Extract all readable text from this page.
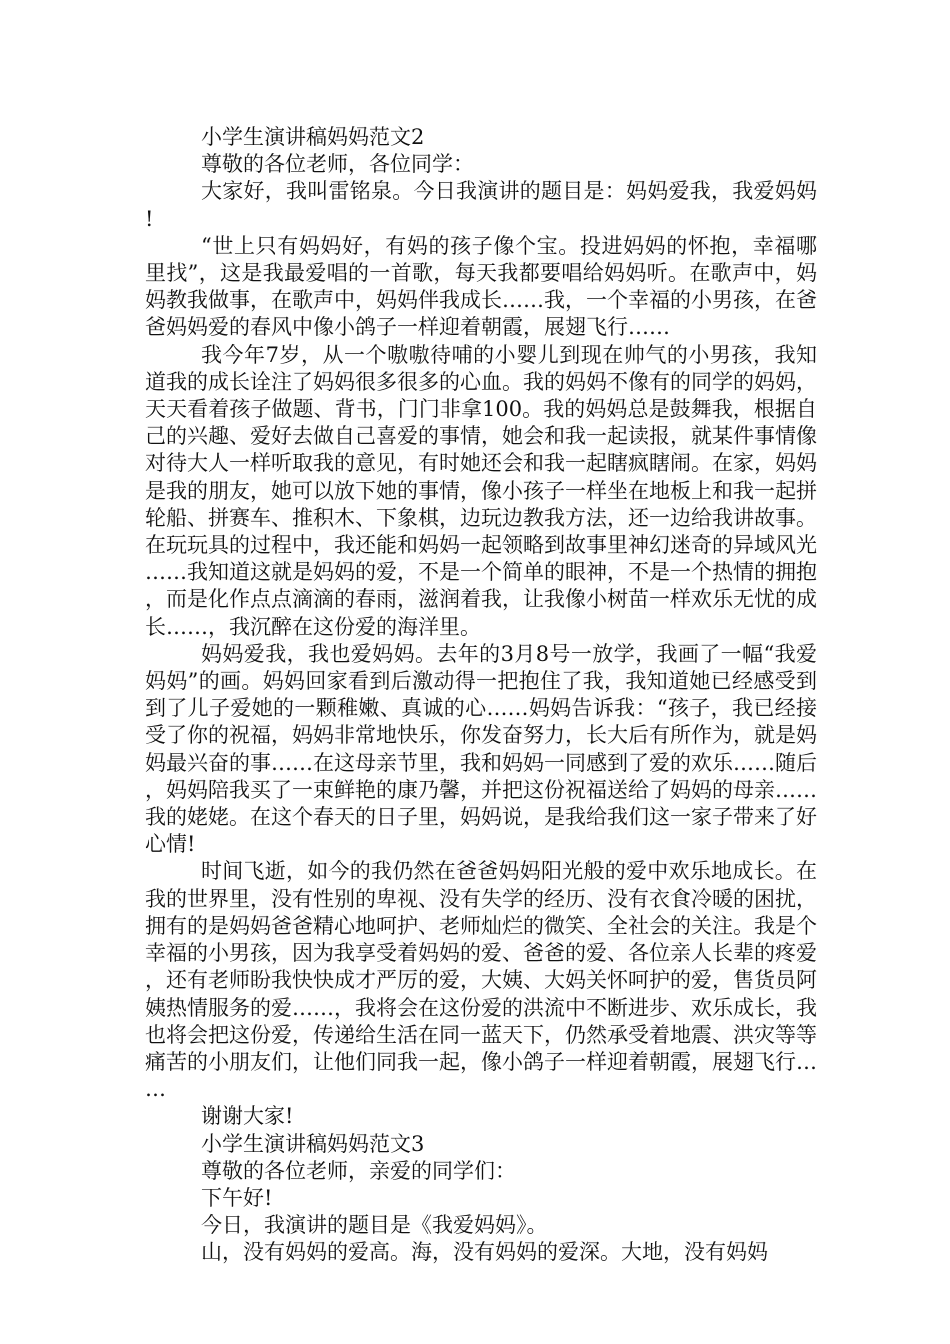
小学生演讲稿妈妈范文2

尊敬的各位老师，各位同学：

大家好，我叫雷铭泉。今日我演讲的题目是：妈妈爱我，我爱妈妈!

“世上只有妈妈好，有妈的孩子像个宝。投进妈妈的怀抱，幸福哪里找”，这是我最爱唱的一首歌，每天我都要唱给妈妈听。在歌声中，妈妈教我做事，在歌声中，妈妈伴我成长……我，一个幸福的小男孩，在爸爸妈妈爱的春风中像小鸽子一样迎着朝霞，展翅飞行……

我今年7岁，从一个嗷嗷待哺的小婴儿到现在帅气的小男孩，我知道我的成长诠注了妈妈很多很多的心血。我的妈妈不像有的同学的妈妈，天天看着孩子做题、背书，门门非拿100。我的妈妈总是鼓舞我，根据自己的兴趣、爱好去做自己喜爱的事情，她会和我一起读报，就某件事情像对待大人一样听取我的意见，有时她还会和我一起瞎疯瞎闹。在家，妈妈是我的朋友，她可以放下她的事情，像小孩子一样坐在地板上和我一起拼轮船、拼赛车、推积木、下象棋，边玩边教我方法，还一边给我讲故事。在玩玩具的过程中，我还能和妈妈一起领略到故事里神幻迷奇的异域风光……我知道这就是妈妈的爱，不是一个简单的眼神，不是一个热情的拥抱，而是化作点点滴滴的春雨，滋润着我，让我像小树苗一样欢乐无忧的成长……，我沉醉在这份爱的海洋里。

妈妈爱我，我也爱妈妈。去年的3月8号一放学，我画了一幅“我爱妈妈”的画。妈妈回家看到后激动得一把抱住了我，我知道她已经感受到到了儿子爱她的一颗稚嫩、真诚的心……妈妈告诉我：“孩子，我已经接受了你的祝福，妈妈非常地快乐，你发奋努力，长大后有所作为，就是妈妈最兴奋的事……在这母亲节里，我和妈妈一同感到了爱的欢乐……随后，妈妈陪我买了一束鲜艳的康乃馨，并把这份祝福送给了妈妈的母亲……我的姥姥。在这个春天的日子里，妈妈说，是我给我们这一家子带来了好心情!

时间飞逝，如今的我仍然在爸爸妈妈阳光般的爱中欢乐地成长。在我的世界里，没有性别的卑视、没有失学的经历、没有衣食冷暖的困扰，拥有的是妈妈爸爸精心地呵护、老师灿烂的微笑、全社会的关注。我是个幸福的小男孩，因为我享受着妈妈的爱、爸爸的爱、各位亲人长辈的疼爱，还有老师盼我快快成才严厉的爱，大姨、大妈关怀呵护的爱，售货员阿姨热情服务的爱……，我将会在这份爱的洪流中不断进步、欢乐成长，我也将会把这份爱，传递给生活在同一蓝天下，仍然承受着地震、洪灾等等痛苦的小朋友们，让他们同我一起，像小鸽子一样迎着朝霞，展翅飞行……

谢谢大家!

小学生演讲稿妈妈范文3

尊敬的各位老师，亲爱的同学们：

下午好!

今日，我演讲的题目是《我爱妈妈》。

山，没有妈妈的爱高。海，没有妈妈的爱深。大地，没有妈妈
